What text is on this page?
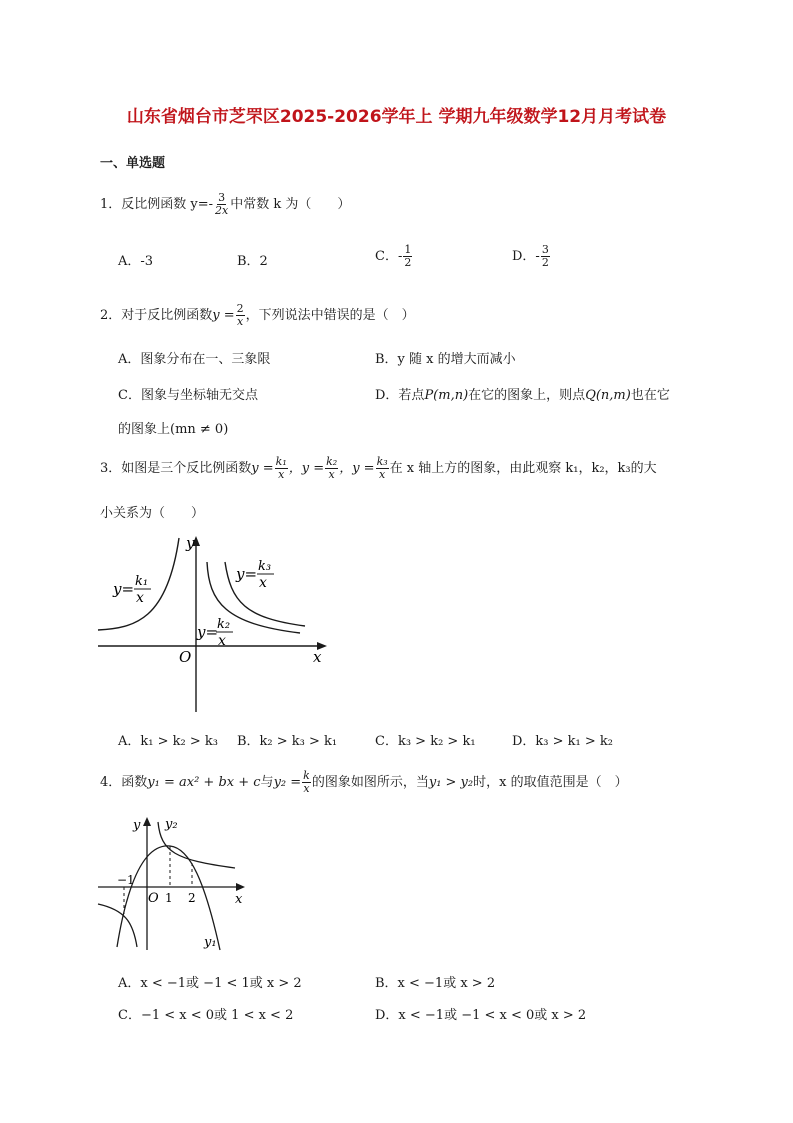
山东省烟台市芝罘区2025-2026学年上 学期九年级数学12月月考试卷
一、单选题
1．反比例函数 $y=- \frac{3}{2x}$ 中常数 k 为（　　）
A．-3	B．2	C．- $\frac{1}{2}$	D．- $\frac{3}{2}$
2．对于反比例函数$y = \frac{2}{x}$ ，下列说法中错误的是（　）
A．图象分布在一、三象限	B．y 随 x 的增大而减小
C．图象与坐标轴无交点	D．若点P(m,n)在它的图象上，则点Q(n,m)也在它
的图象上(mn ≠ 0)
3．如图是三个反比例函数$y = \frac{\text{k₁}}{x}$ ，$y = \frac{\text{k₂}}{x}$ ，$y = \frac{\text{k₃}}{x}$ 在 x 轴上方的图象，由此观察 k₁，k₂，k₃的大
小关系为（　　）
y
x
O
y= k₁
x
y= k₃
x
y=
k₂
x
A．k₁ > k₂ > k₃ B．k₂ > k₃ > k₁	C．k₃ > k₂ > k₁	D．k₃ > k₁ > k₂
4．函数y₁ = ax² + bx + c与$y_2 = \frac{k}{x}$ 的图象如图所示，当y₁ > y₂时，x 的取值范围是（　）
y y₂
y₁
x
O
−1
1 2
A．x < −1或 −1 < 1或 x > 2	B．x < −1或 x > 2
C．−1 < x < 0或 1 < x < 2	D．x < −1或 −1 < x < 0或 x > 2
